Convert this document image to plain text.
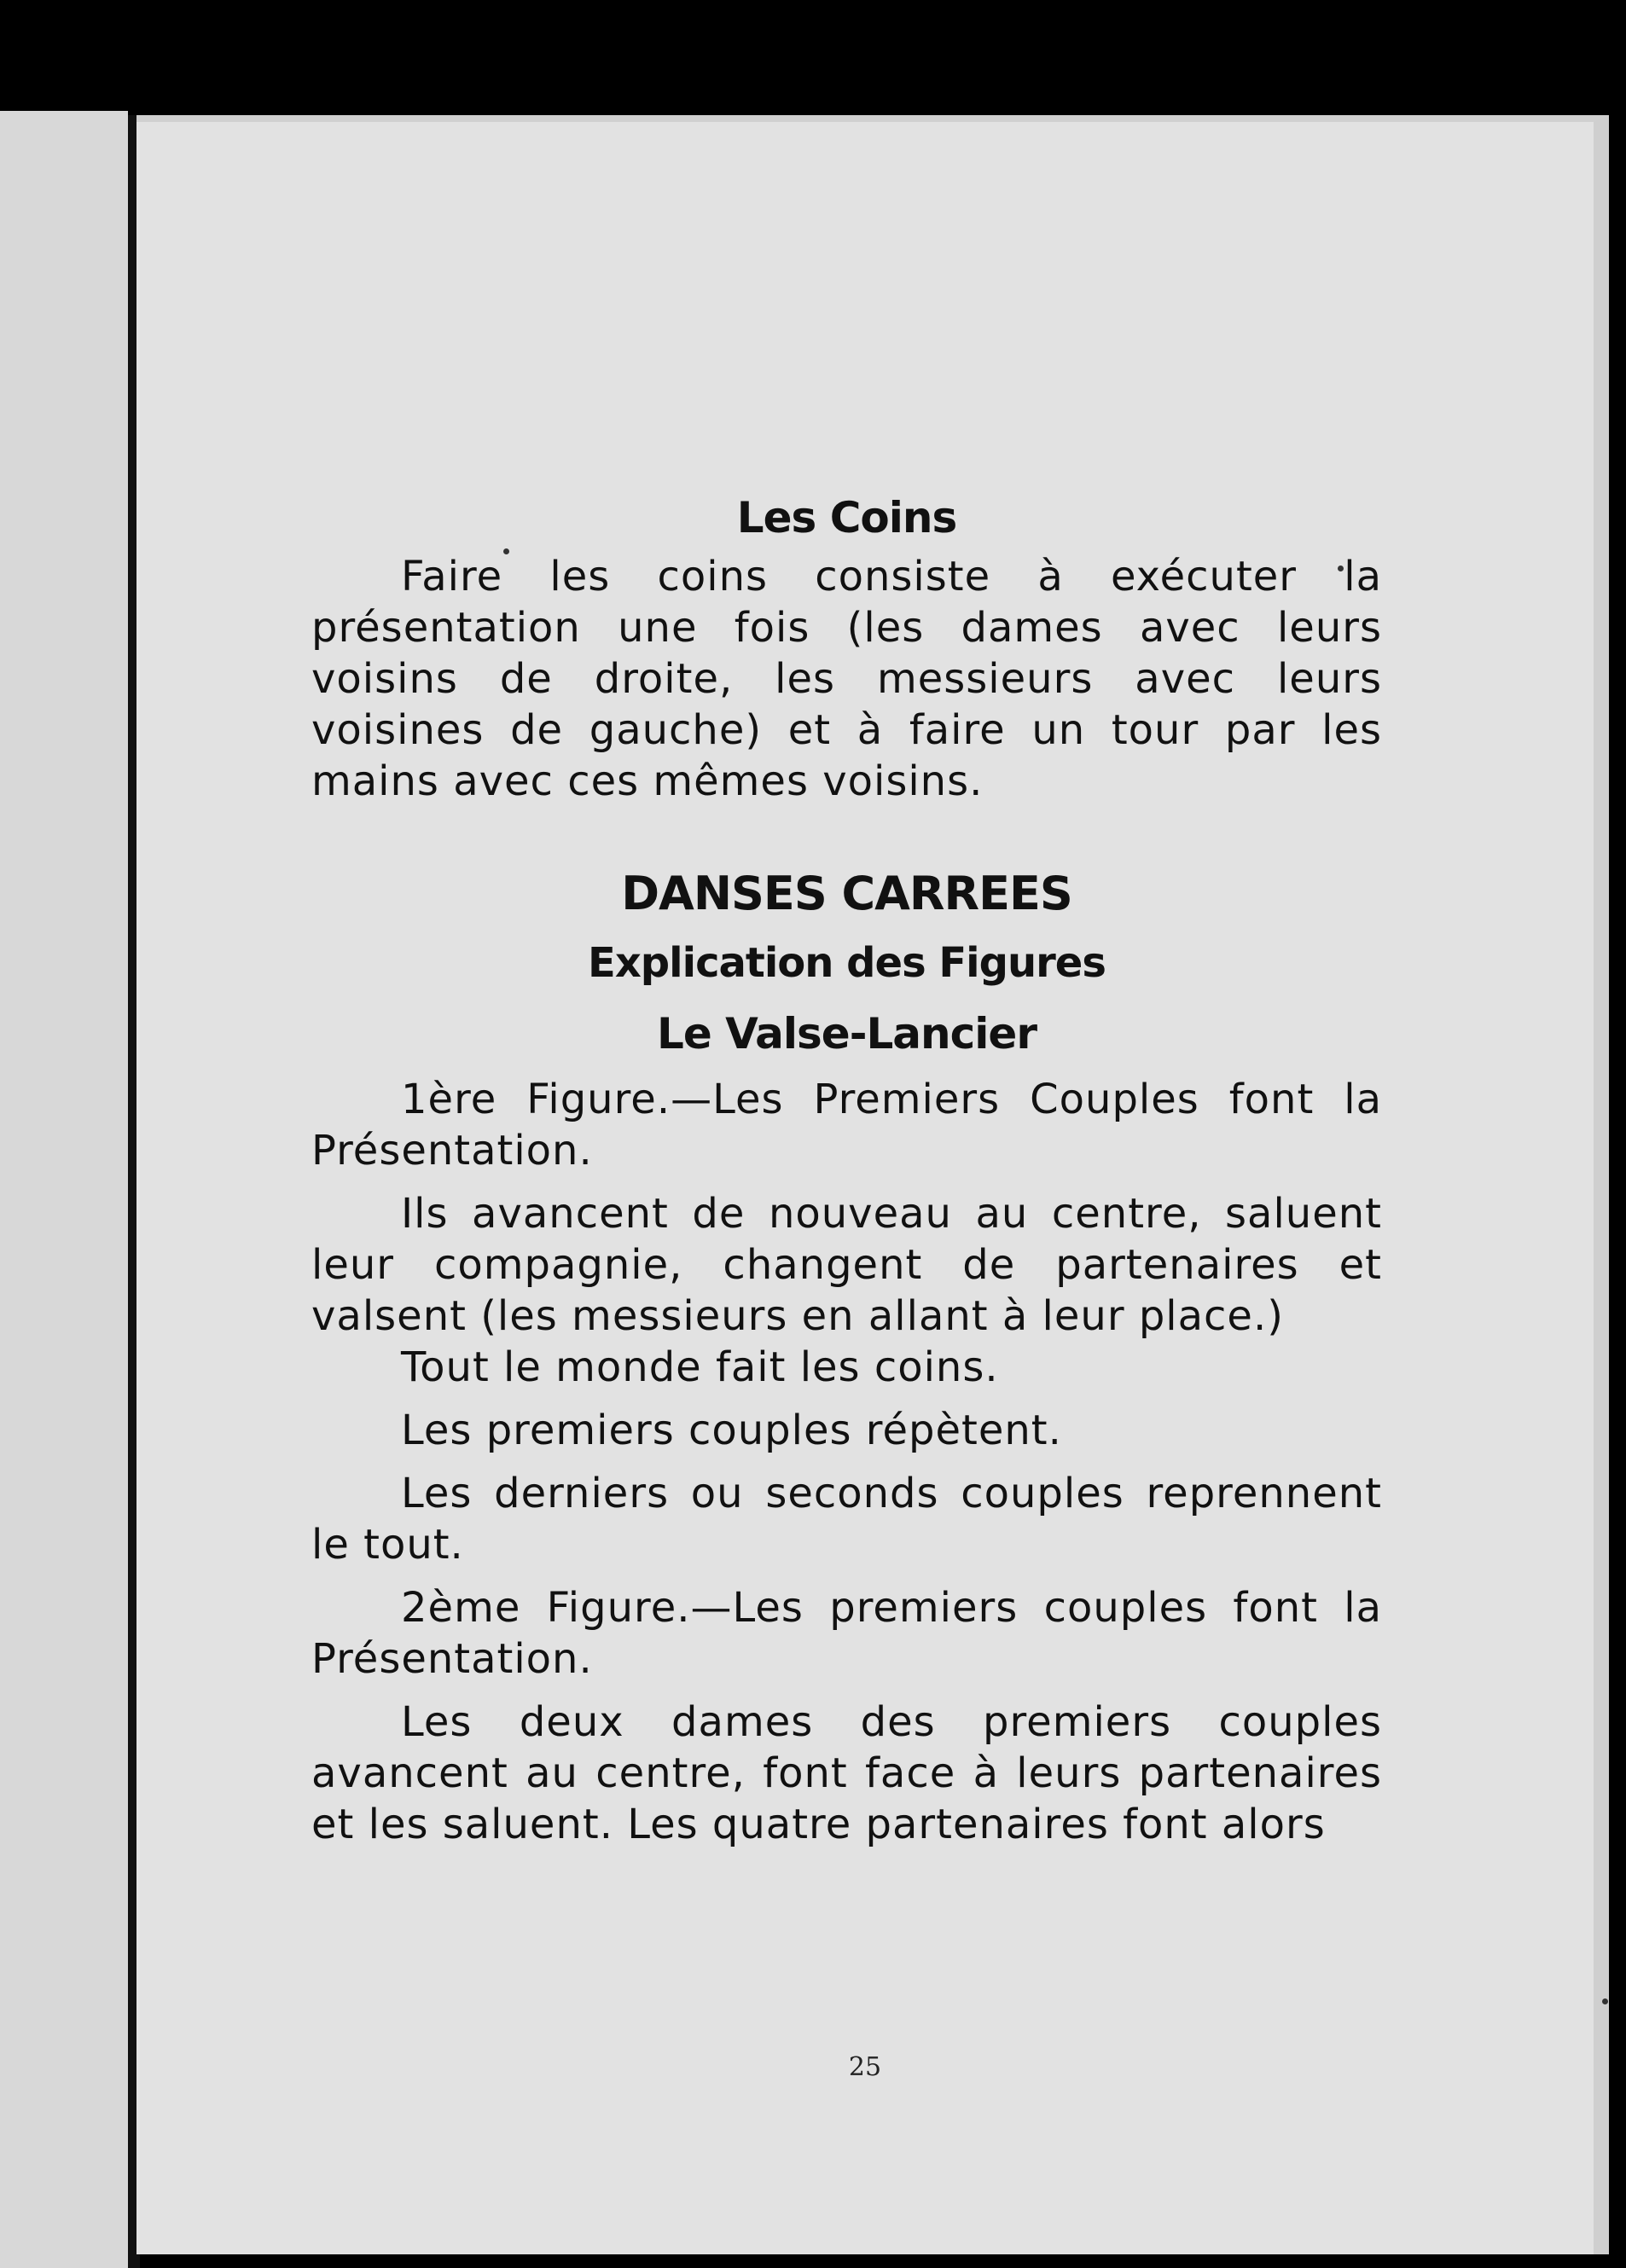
Les Coins

Faire les coins consiste à exécuter la présentation une fois (les dames avec leurs voisins de droite, les messieurs avec leurs voisines de gauche) et à faire un tour par les mains avec ces mêmes voisins.

DANSES CARREES
Explication des Figures
Le Valse-Lancier

1ère Figure.—Les Premiers Couples font la Présentation.

Ils avancent de nouveau au centre, saluent leur compagnie, changent de partenaires et valsent (les messieurs en allant à leur place.)

Tout le monde fait les coins.

Les premiers couples répètent.

Les derniers ou seconds couples reprennent le tout.

2ème Figure.—Les premiers couples font la Présentation.

Les deux dames des premiers couples avancent au centre, font face à leurs partenaires et les saluent. Les quatre partenaires font alors

25
